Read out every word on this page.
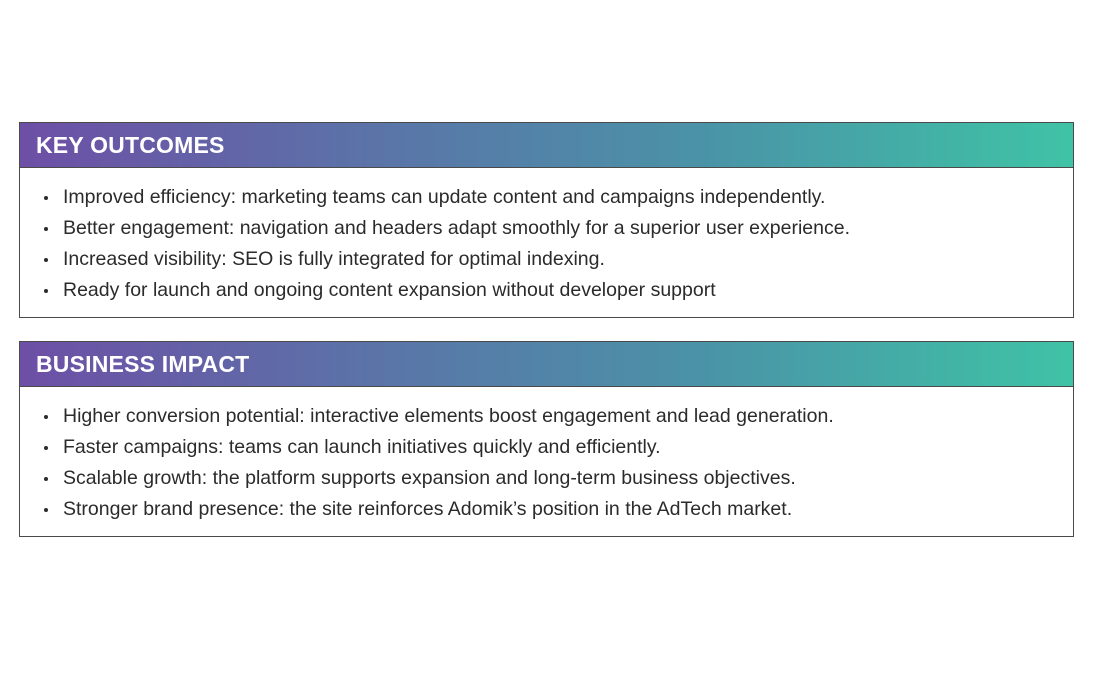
KEY OUTCOMES
Improved efficiency: marketing teams can update content and campaigns independently.
Better engagement: navigation and headers adapt smoothly for a superior user experience.
Increased visibility: SEO is fully integrated for optimal indexing.
Ready for launch and ongoing content expansion without developer support
BUSINESS IMPACT
Higher conversion potential: interactive elements boost engagement and lead generation.
Faster campaigns: teams can launch initiatives quickly and efficiently.
Scalable growth: the platform supports expansion and long-term business objectives.
Stronger brand presence: the site reinforces Adomik’s position in the AdTech market.
